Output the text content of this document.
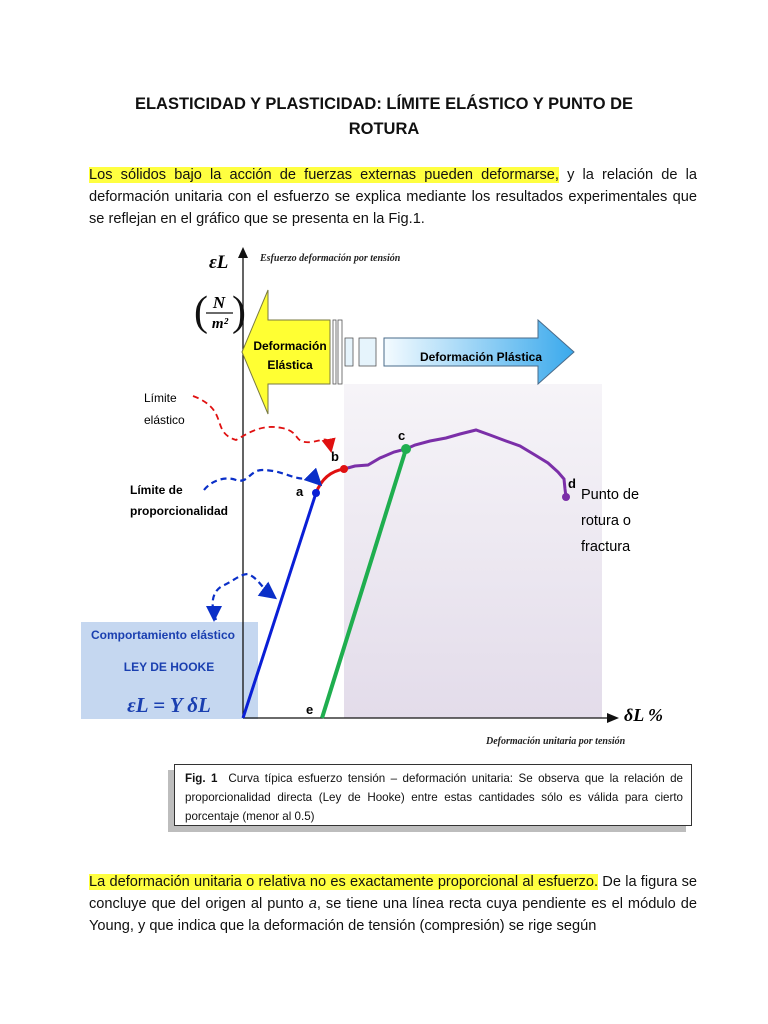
ELASTICIDAD Y PLASTICIDAD: LÍMITE ELÁSTICO Y PUNTO DE
ROTURA
Los sólidos bajo la acción de fuerzas externas pueden deformarse, y la relación de la deformación unitaria con el esfuerzo se explica mediante los resultados experimentales que se reflejan en el gráfico que se presenta en la Fig.1.
Comportamiento elástico
LEY DE HOOKE
εL = Y δL
εL	Esfuerzo deformación por tensión
( )
N
m²
δL %
Deformación unitaria por tensión
Deformación
Elástica
Deformación Plástica
a
b
c
d
e
Límite
elástico
Límite de
proporcionalidad
Punto de
rotura o
fractura
Fig. 1 Curva típica esfuerzo tensión – deformación unitaria: Se observa que la relación de proporcionalidad directa (Ley de Hooke) entre estas cantidades sólo es válida para cierto porcentaje (menor al 0.5)
La deformación unitaria o relativa no es exactamente proporcional al esfuerzo. De la figura se concluye que del origen al punto a, se tiene una línea recta cuya pendiente es el módulo de Young, y que indica que la deformación de tensión (compresión) se rige según
